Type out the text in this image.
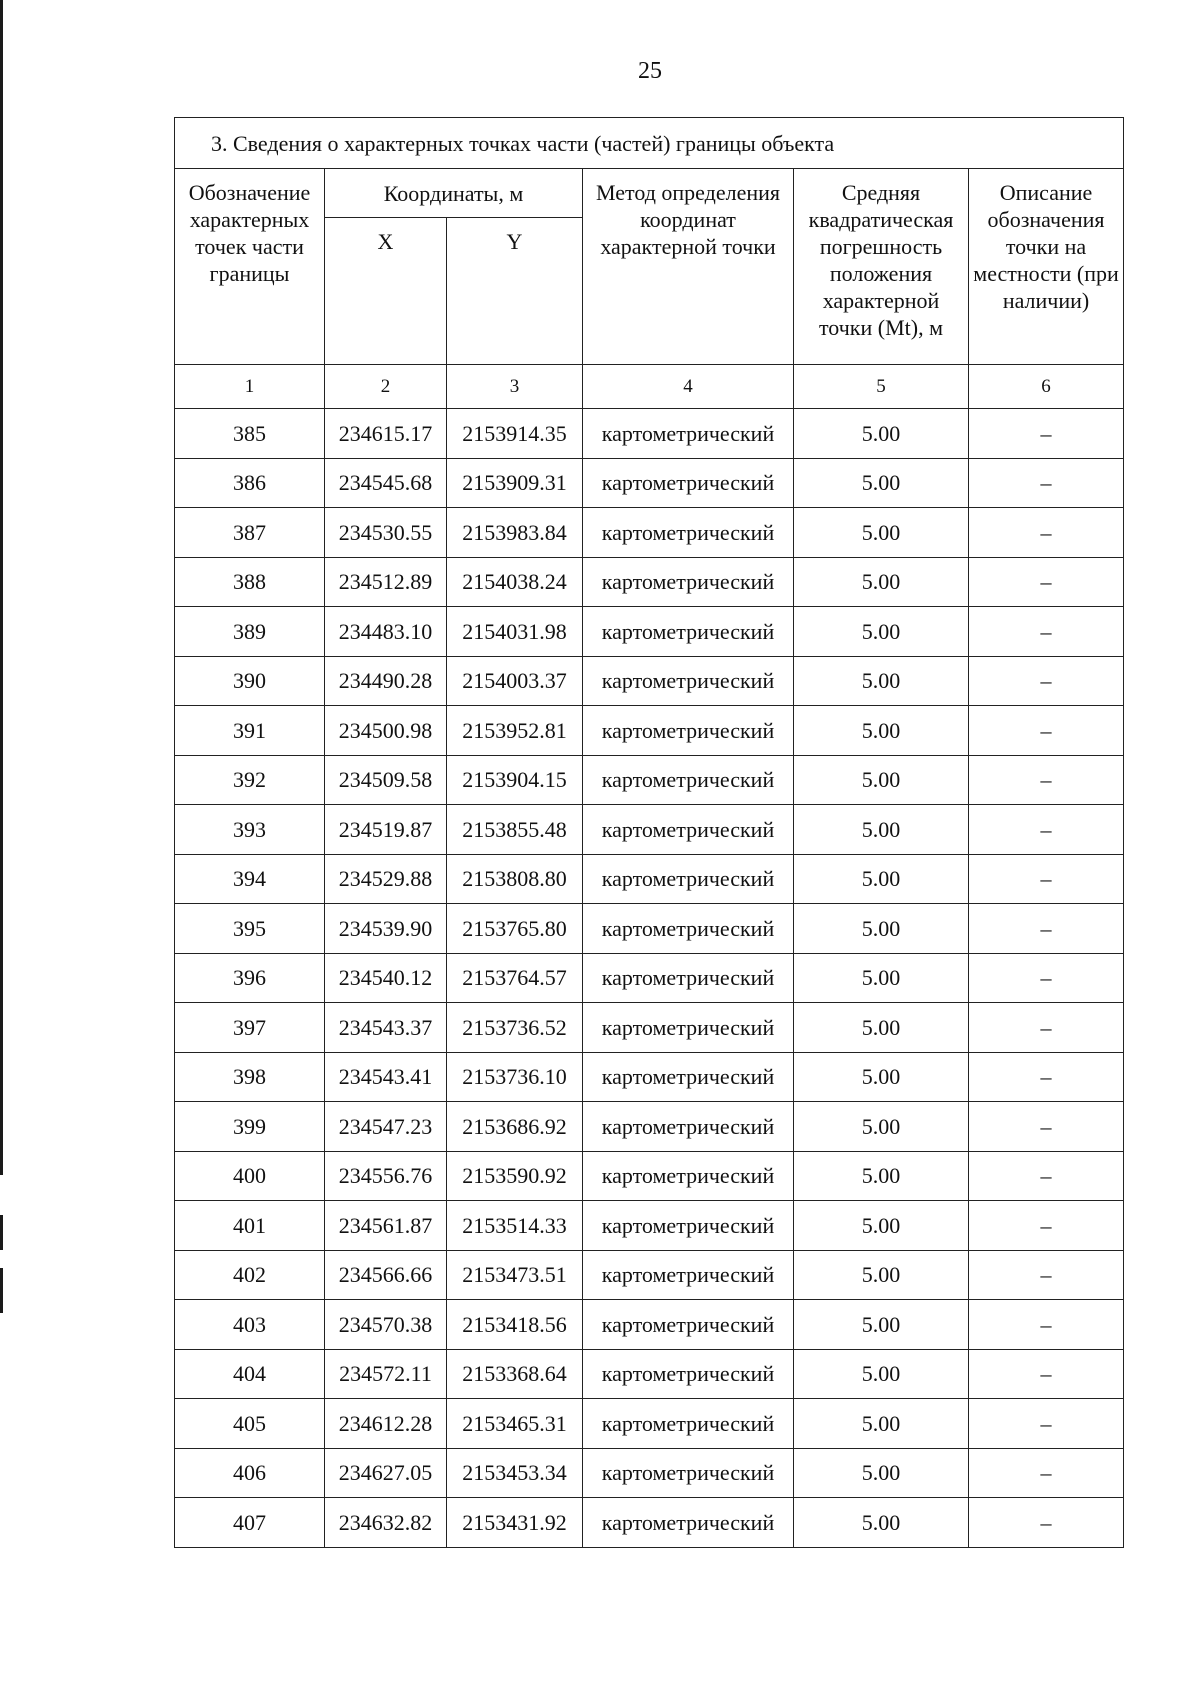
25
3. Сведения о характерных точках части (частей) границы объекта					
Обозначение характерных точек части границы	Координаты, м		Метод определения координат характерной точки	Средняя квадратическая погрешность положения характерной точки (Mt), м	Описание обозначения точки на местности (при наличии)
	X	Y			
1	2	3	4	5	6
385	234615.17	2153914.35	картометрический	5.00	–
386	234545.68	2153909.31	картометрический	5.00	–
387	234530.55	2153983.84	картометрический	5.00	–
388	234512.89	2154038.24	картометрический	5.00	–
389	234483.10	2154031.98	картометрический	5.00	–
390	234490.28	2154003.37	картометрический	5.00	–
391	234500.98	2153952.81	картометрический	5.00	–
392	234509.58	2153904.15	картометрический	5.00	–
393	234519.87	2153855.48	картометрический	5.00	–
394	234529.88	2153808.80	картометрический	5.00	–
395	234539.90	2153765.80	картометрический	5.00	–
396	234540.12	2153764.57	картометрический	5.00	–
397	234543.37	2153736.52	картометрический	5.00	–
398	234543.41	2153736.10	картометрический	5.00	–
399	234547.23	2153686.92	картометрический	5.00	–
400	234556.76	2153590.92	картометрический	5.00	–
401	234561.87	2153514.33	картометрический	5.00	–
402	234566.66	2153473.51	картометрический	5.00	–
403	234570.38	2153418.56	картометрический	5.00	–
404	234572.11	2153368.64	картометрический	5.00	–
405	234612.28	2153465.31	картометрический	5.00	–
406	234627.05	2153453.34	картометрический	5.00	–
407	234632.82	2153431.92	картометрический	5.00	–
